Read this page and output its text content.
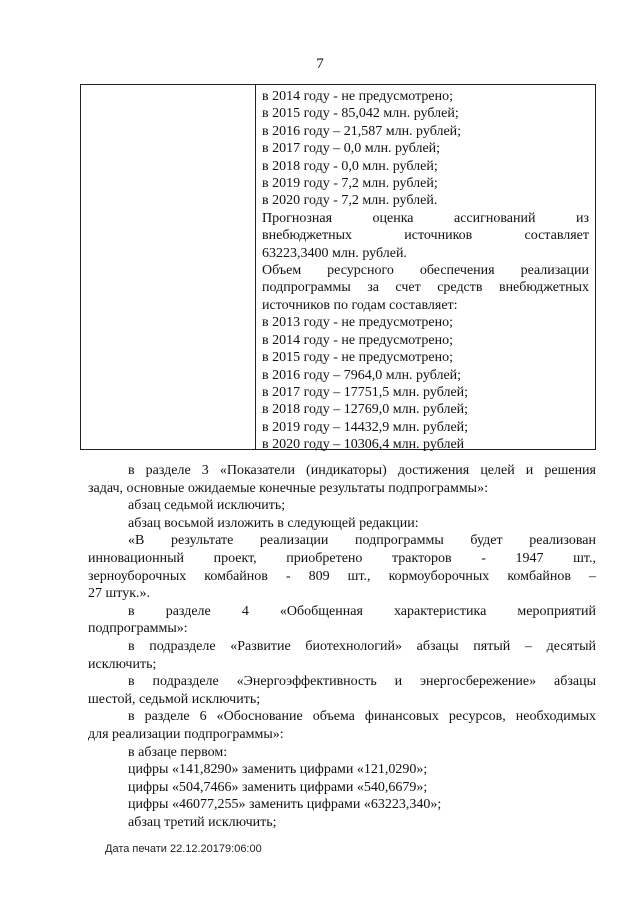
7
в 2014 году - не предусмотрено;
в 2015 году - 85,042 млн. рублей;
в 2016 году – 21,587 млн. рублей;
в 2017 году – 0,0 млн. рублей;
в 2018 году - 0,0 млн. рублей;
в 2019 году - 7,2 млн. рублей;
в 2020 году - 7,2 млн. рублей.
Прогнозная оценка ассигнований из
внебюджетных источников составляет
63223,3400 млн. рублей.
Объем ресурсного обеспечения реализации
подпрограммы за счет средств внебюджетных
источников по годам составляет:
в 2013 году - не предусмотрено;
в 2014 году - не предусмотрено;
в 2015 году - не предусмотрено;
в 2016 году – 7964,0 млн. рублей;
в 2017 году – 17751,5 млн. рублей;
в 2018 году – 12769,0 млн. рублей;
в 2019 году – 14432,9 млн. рублей;
в 2020 году – 10306,4 млн. рублей

в разделе 3 «Показатели (индикаторы) достижения целей и решения

задач, основные ожидаемые конечные результаты подпрограммы»:

абзац седьмой исключить;

абзац восьмой изложить в следующей редакции:

«В результате реализации подпрограммы будет реализован

инновационный проект, приобретено тракторов - 1947 шт.,

зерноуборочных комбайнов - 809 шт., кормоуборочных комбайнов –

27 штук.».

в разделе 4 «Обобщенная характеристика мероприятий

подпрограммы»:

в подразделе «Развитие биотехнологий» абзацы пятый – десятый

исключить;

в подразделе «Энергоэффективность и энергосбережение» абзацы

шестой, седьмой исключить;

в разделе 6 «Обоснование объема финансовых ресурсов, необходимых

для реализации подпрограммы»:

в абзаце первом:

цифры «141,8290» заменить цифрами «121,0290»;

цифры «504,7466» заменить цифрами «540,6679»;

цифры «46077,255» заменить цифрами «63223,340»;

абзац третий исключить;

Дата печати 22.12.20179:06:00
